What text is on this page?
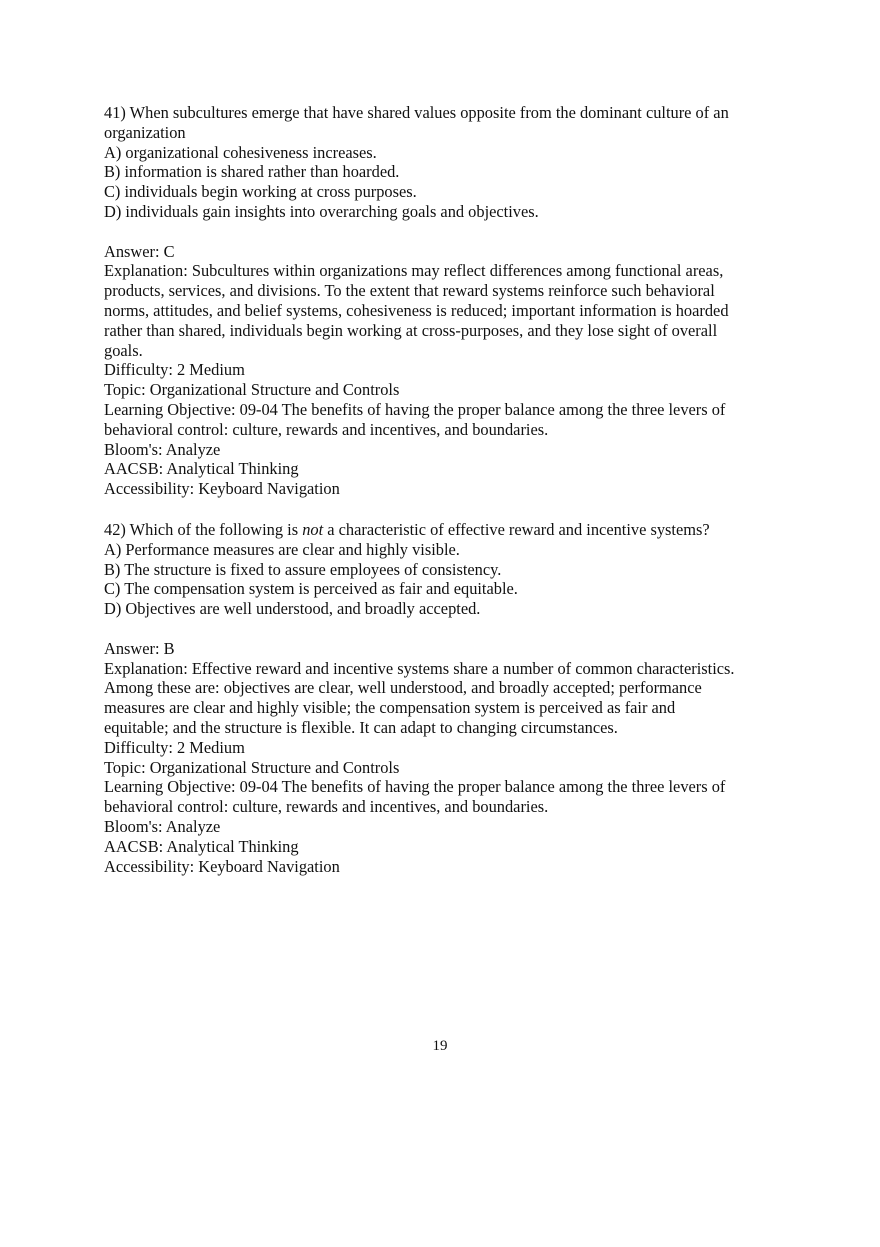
41) When subcultures emerge that have shared values opposite from the dominant culture of an
organization
A) organizational cohesiveness increases.
B) information is shared rather than hoarded.
C) individuals begin working at cross purposes.
D) individuals gain insights into overarching goals and objectives.
Answer: C
Explanation: Subcultures within organizations may reflect differences among functional areas,
products, services, and divisions. To the extent that reward systems reinforce such behavioral
norms, attitudes, and belief systems, cohesiveness is reduced; important information is hoarded
rather than shared, individuals begin working at cross-purposes, and they lose sight of overall
goals.
Difficulty: 2 Medium
Topic: Organizational Structure and Controls
Learning Objective: 09-04 The benefits of having the proper balance among the three levers of
behavioral control: culture, rewards and incentives, and boundaries.
Bloom's: Analyze
AACSB: Analytical Thinking
Accessibility: Keyboard Navigation
42) Which of the following is not a characteristic of effective reward and incentive systems?
A) Performance measures are clear and highly visible.
B) The structure is fixed to assure employees of consistency.
C) The compensation system is perceived as fair and equitable.
D) Objectives are well understood, and broadly accepted.
Answer: B
Explanation: Effective reward and incentive systems share a number of common characteristics.
Among these are: objectives are clear, well understood, and broadly accepted; performance
measures are clear and highly visible; the compensation system is perceived as fair and
equitable; and the structure is flexible. It can adapt to changing circumstances.
Difficulty: 2 Medium
Topic: Organizational Structure and Controls
Learning Objective: 09-04 The benefits of having the proper balance among the three levers of
behavioral control: culture, rewards and incentives, and boundaries.
Bloom's: Analyze
AACSB: Analytical Thinking
Accessibility: Keyboard Navigation
19
